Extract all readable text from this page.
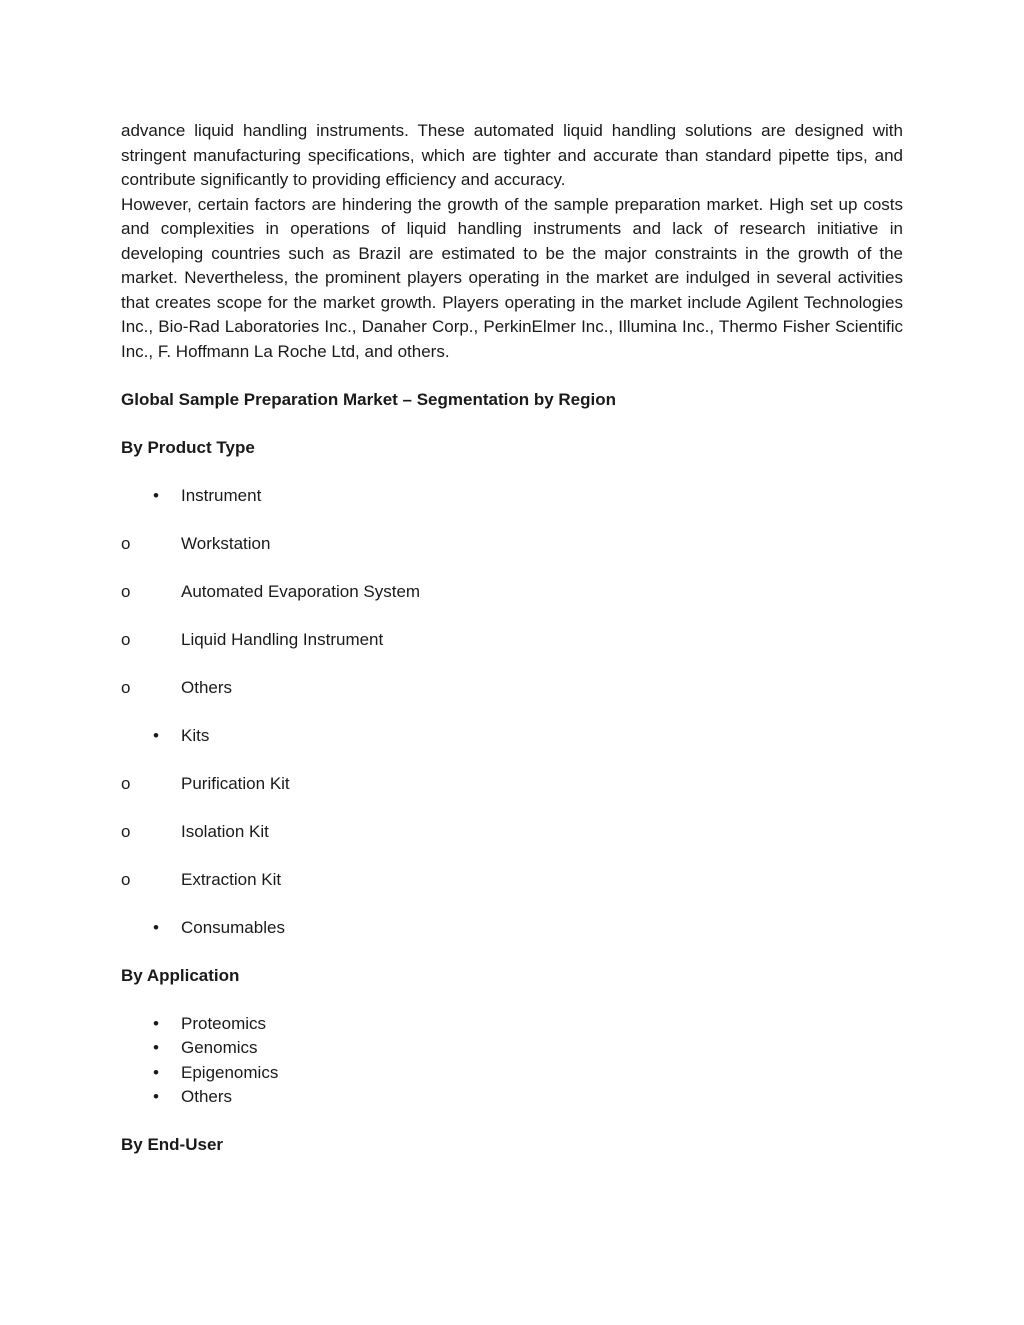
advance liquid handling instruments. These automated liquid handling solutions are designed with stringent manufacturing specifications, which are tighter and accurate than standard pipette tips, and contribute significantly to providing efficiency and accuracy.

However, certain factors are hindering the growth of the sample preparation market. High set up costs and complexities in operations of liquid handling instruments and lack of research initiative in developing countries such as Brazil are estimated to be the major constraints in the growth of the market. Nevertheless, the prominent players operating in the market are indulged in several activities that creates scope for the market growth. Players operating in the market include Agilent Technologies Inc., Bio-Rad Laboratories Inc., Danaher Corp., PerkinElmer Inc., Illumina Inc., Thermo Fisher Scientific Inc., F. Hoffmann La Roche Ltd, and others.

Global Sample Preparation Market – Segmentation by Region

By Product Type

• Instrument
o	Workstation
o	Automated Evaporation System
o	Liquid Handling Instrument
o	Others
• Kits
o	Purification Kit
o	Isolation Kit
o	Extraction Kit
• Consumables

By Application

• Proteomics
• Genomics
• Epigenomics
• Others

By End-User
